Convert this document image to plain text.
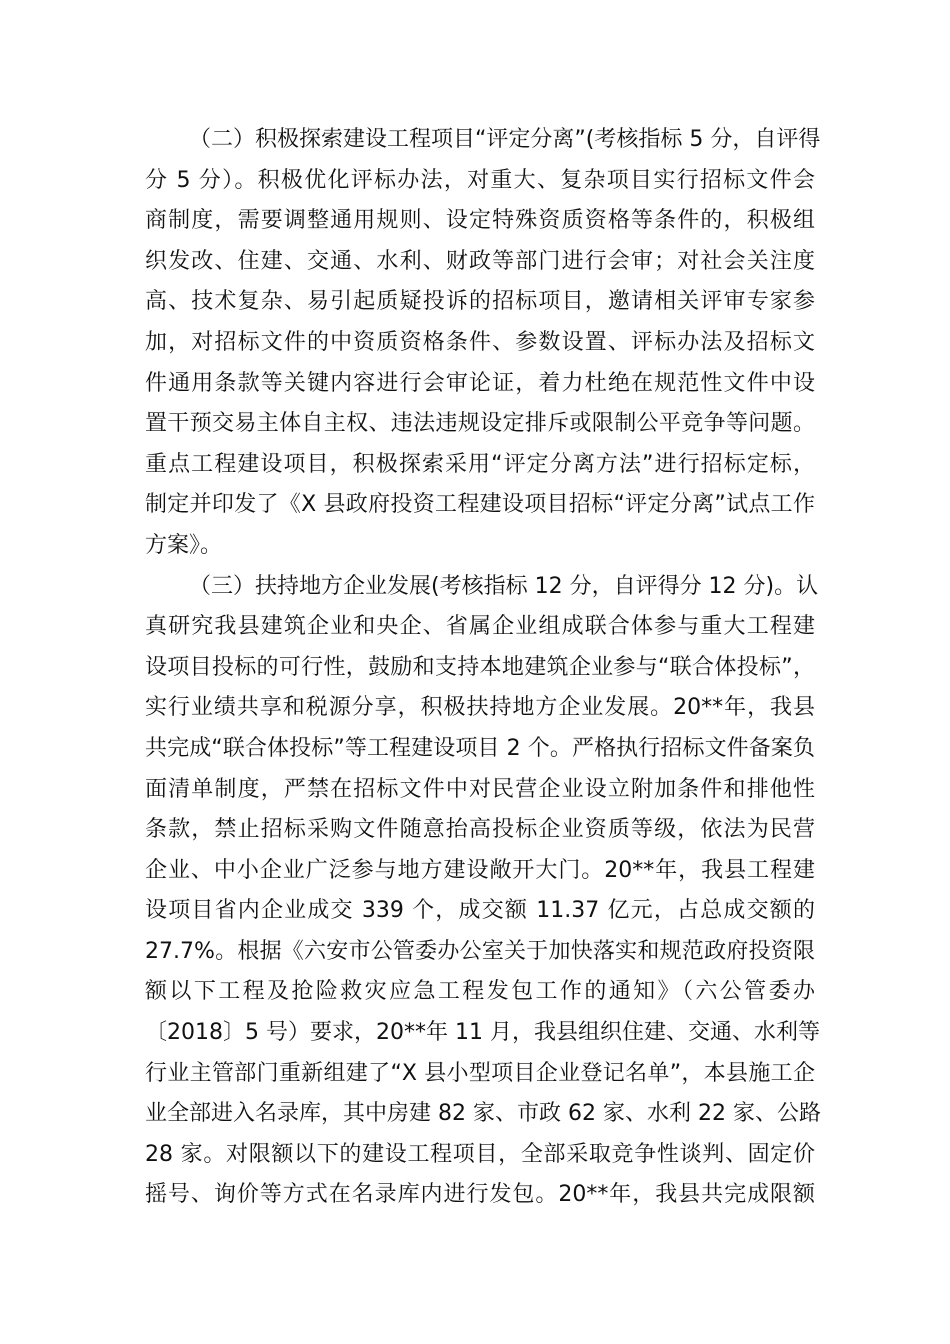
（二）积极探索建设工程项目“评定分离”(考核指标 5 分，自评得
分 5 分）。积极优化评标办法，对重大、复杂项目实行招标文件会
商制度，需要调整通用规则、设定特殊资质资格等条件的，积极组
织发改、住建、交通、水利、财政等部门进行会审；对社会关注度
高、技术复杂、易引起质疑投诉的招标项目，邀请相关评审专家参
加，对招标文件的中资质资格条件、参数设置、评标办法及招标文
件通用条款等关键内容进行会审论证，着力杜绝在规范性文件中设
置干预交易主体自主权、违法违规设定排斥或限制公平竞争等问题。
重点工程建设项目，积极探索采用“评定分离方法”进行招标定标，
制定并印发了《X 县政府投资工程建设项目招标“评定分离”试点工作
方案》。
（三）扶持地方企业发展(考核指标 12 分，自评得分 12 分)。认
真研究我县建筑企业和央企、省属企业组成联合体参与重大工程建
设项目投标的可行性，鼓励和支持本地建筑企业参与“联合体投标”，
实行业绩共享和税源分享，积极扶持地方企业发展。20**年，我县
共完成“联合体投标”等工程建设项目 2 个。严格执行招标文件备案负
面清单制度，严禁在招标文件中对民营企业设立附加条件和排他性
条款，禁止招标采购文件随意抬高投标企业资质等级，依法为民营
企业、中小企业广泛参与地方建设敞开大门。20**年，我县工程建
设项目省内企业成交 339 个，成交额 11.37 亿元，占总成交额的
27.7%。根据《六安市公管委办公室关于加快落实和规范政府投资限
额以下工程及抢险救灾应急工程发包工作的通知》（六公管委办
〔2018〕5 号）要求，20**年 11 月，我县组织住建、交通、水利等
行业主管部门重新组建了“X 县小型项目企业登记名单”，本县施工企
业全部进入名录库，其中房建 82 家、市政 62 家、水利 22 家、公路
28 家。对限额以下的建设工程项目，全部采取竞争性谈判、固定价
摇号、询价等方式在名录库内进行发包。20**年，我县共完成限额
